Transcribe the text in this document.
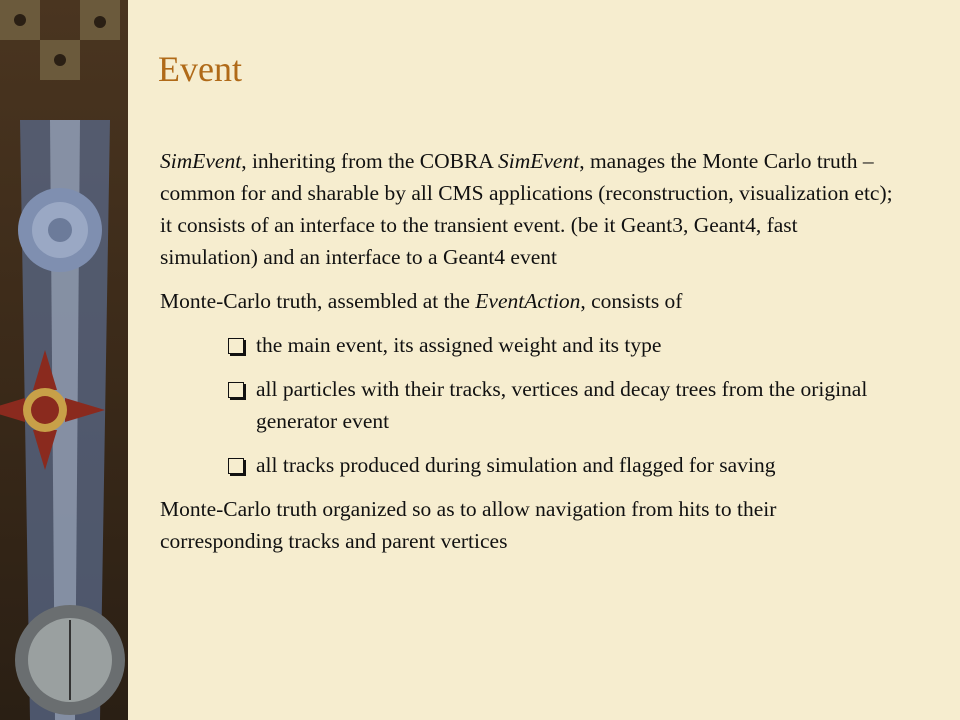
Event

SimEvent, inheriting from the COBRA SimEvent, manages the Monte Carlo truth – common for and sharable by all CMS applications (reconstruction, visualization etc); it consists of an interface to the transient event. (be it Geant3, Geant4, fast simulation) and an interface to a Geant4 event

Monte-Carlo truth, assembled at the EventAction, consists of

the main event, its assigned weight and its type
all particles with their tracks, vertices and decay trees from the original generator event
all tracks produced during simulation and flagged for saving

Monte-Carlo truth organized so as to allow navigation from hits to their corresponding tracks and parent vertices
